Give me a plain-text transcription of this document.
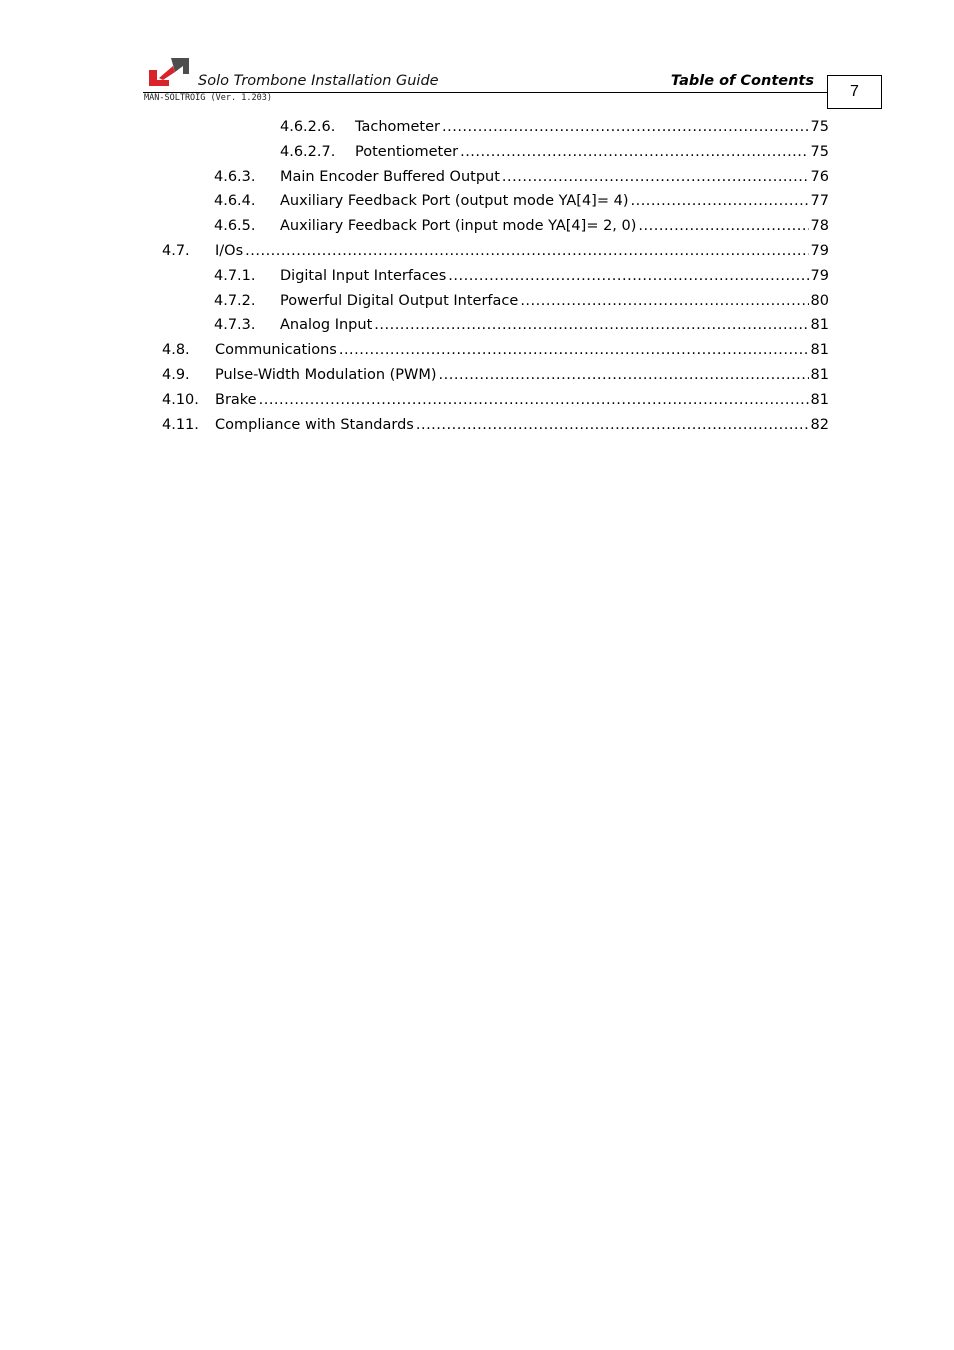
Solo Trombone Installation Guide	Table of Contents
MAN-SOLTROIG (Ver. 1.203)	7
4.6.2.6.	Tachometer .....	75
4.6.2.7.	Potentiometer .....	75
4.6.3.	Main Encoder Buffered Output .....	76
4.6.4.	Auxiliary Feedback Port (output mode YA[4]= 4) .....	77
4.6.5.	Auxiliary Feedback Port (input mode YA[4]= 2, 0) .....	78
4.7.	I/Os .....	79
4.7.1.	Digital Input Interfaces .....	79
4.7.2.	Powerful Digital Output Interface .....	80
4.7.3.	Analog Input .....	81
4.8.	Communications .....	81
4.9.	Pulse-Width Modulation (PWM) .....	81
4.10.	Brake .....	81
4.11.	Compliance with Standards .....	82
